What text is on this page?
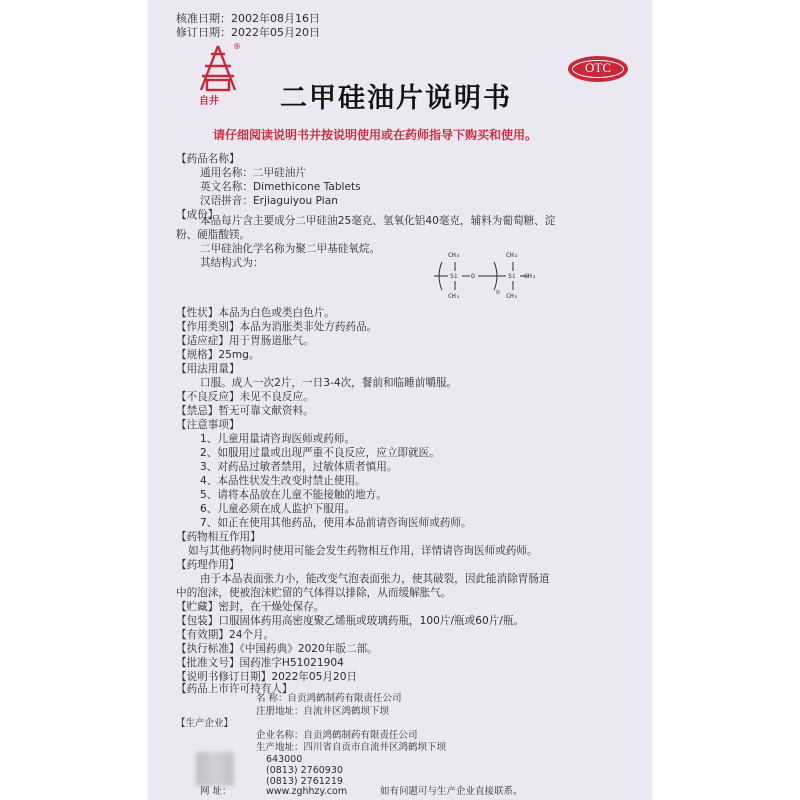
核准日期：2002年08月16日
修订日期：2022年05月20日
自井
®
OTC
二甲硅油片说明书
请仔细阅读说明书并按说明使用或在药师指导下购买和使用。
【药品名称】
通用名称：二甲硅油片
英文名称：Dimethicone Tablets
汉语拼音：Erjiaguiyou Pian
【成份】
本品每片含主要成分二甲硅油25毫克、氢氧化铝40毫克，辅料为葡萄糖、淀
粉、硬脂酸镁。
二甲硅油化学名称为聚二甲基硅氧烷。
其结构式为：
CH₃
Si
CH₃
O
n
CH₃
Si
CH₃
CH₃
【性状】本品为白色或类白色片。
【作用类别】本品为消胀类非处方药药品。
【适应症】用于胃肠道胀气。
【规格】25mg。
【用法用量】
口服。成人一次2片，一日3-4次，餐前和临睡前嚼服。
【不良反应】未见不良反应。
【禁忌】暂无可靠文献资料。
【注意事项】
1、儿童用量请咨询医师或药师。
2、如服用过量或出现严重不良反应，应立即就医。
3、对药品过敏者禁用，过敏体质者慎用。
4、本品性状发生改变时禁止使用。
5、请将本品放在儿童不能接触的地方。
6、儿童必须在成人监护下服用。
7、如正在使用其他药品，使用本品前请咨询医师或药师。
【药物相互作用】
如与其他药物同时使用可能会发生药物相互作用，详情请咨询医师或药师。
【药理作用】
由于本品表面张力小，能改变气泡表面张力，使其破裂，因此能消除胃肠道
中的泡沫，使被泡沫贮留的气体得以排除，从而缓解胀气。
【贮藏】密封，在干燥处保存。
【包装】口服固体药用高密度聚乙烯瓶或玻璃药瓶，100片/瓶或60片/瓶。
【有效期】24个月。
【执行标准】《中国药典》2020年版二部。
【批准文号】国药准字H51021904
【说明书修订日期】2022年05月20日
【药品上市许可持有人】
名 称：自贡鸿鹤制药有限责任公司
注册地址：自流井区鸿鹤坝下坝
【生产企业】
企业名称：自贡鸿鹤制药有限责任公司
生产地址：四川省自贡市自流井区鸿鹤坝下坝
643000
(0813) 2760930
(0813) 2761219
网 址：	www.zghhzy.com	如有问题可与生产企业直接联系。
